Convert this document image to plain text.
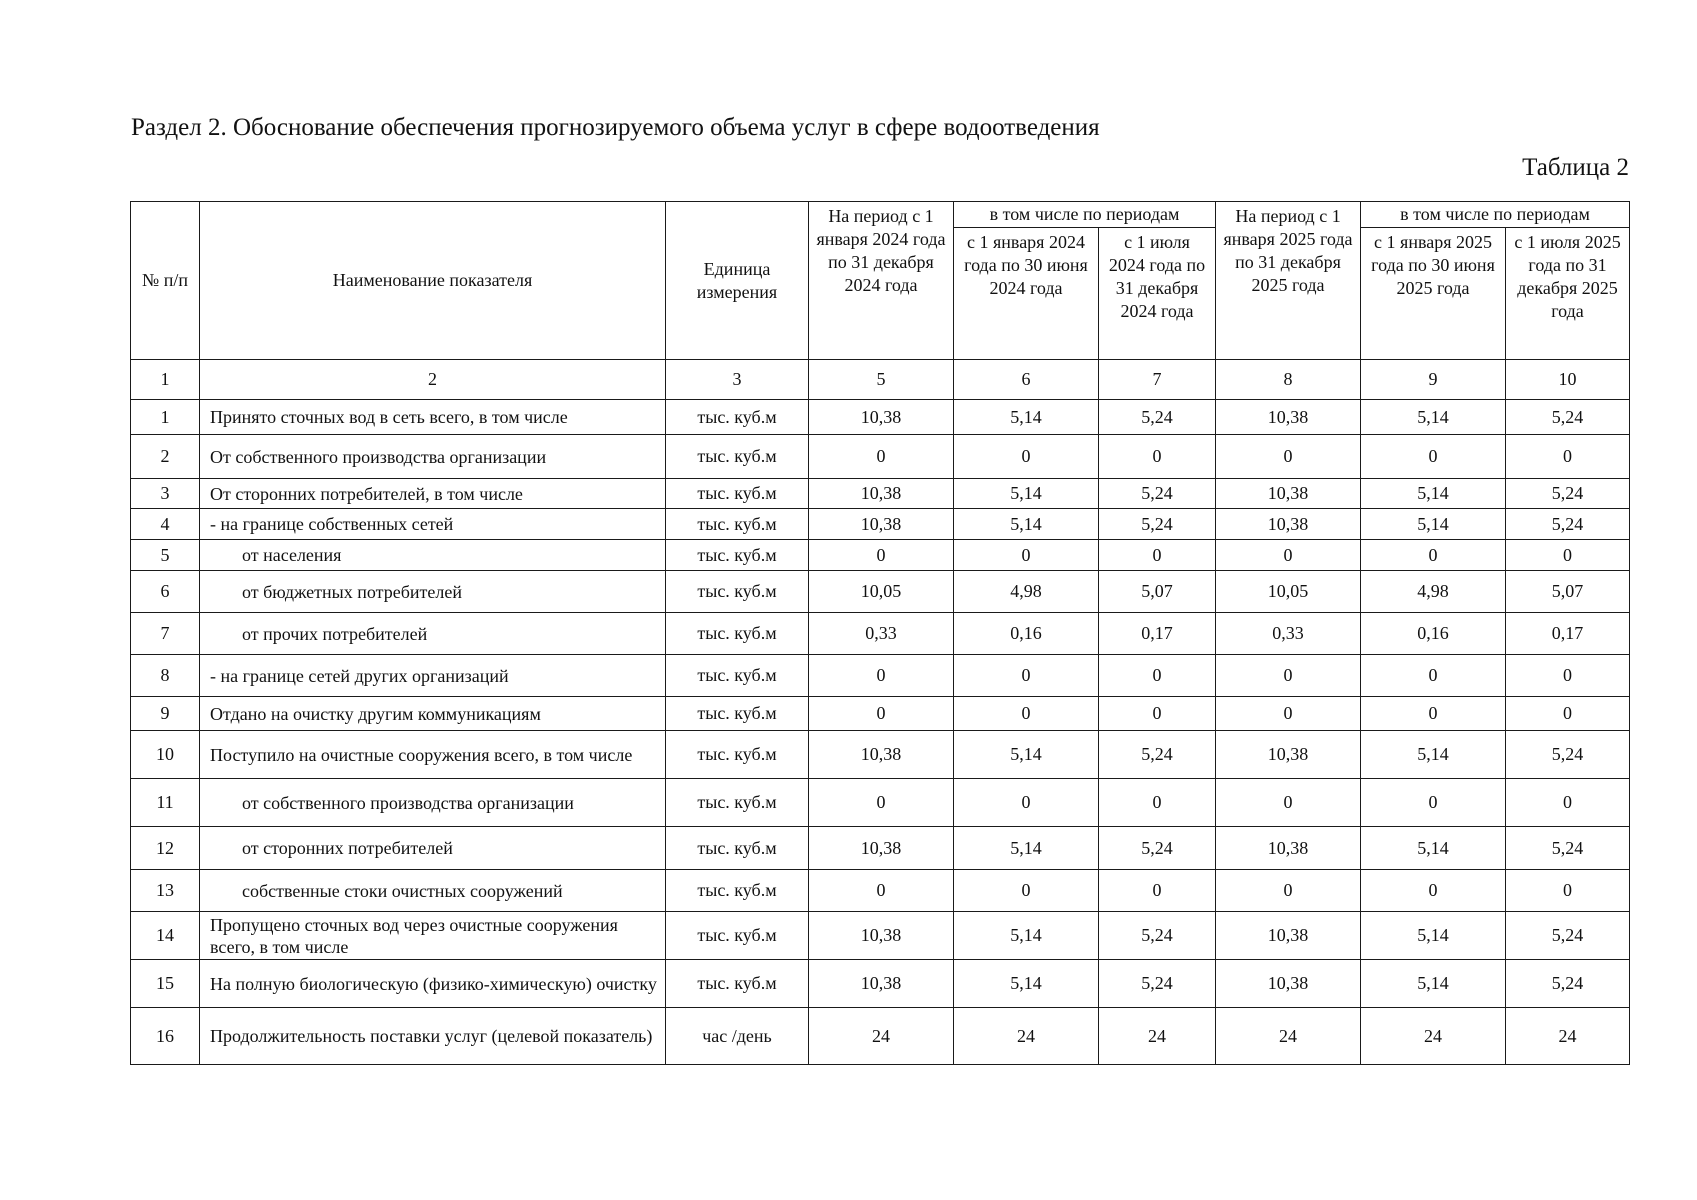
Раздел 2. Обоснование обеспечения прогнозируемого объема услуг в сфере водоотведения
Таблица 2
№ п/п	Наименование показателя	Единица измерения	На период с 1 января 2024 года по 31 декабря 2024 года	в том числе по периодам		На период с 1 января 2025 года по 31 декабря 2025 года	в том числе по периодам	
				с 1 января 2024 года по 30 июня 2024 года	с 1 июля 2024 года по 31 декабря 2024 года		с 1 января 2025 года по 30 июня 2025 года	с 1 июля 2025 года по 31 декабря 2025 года
1	2	3	5	6	7	8	9	10
1	Принято сточных вод в сеть всего, в том числе	тыс. куб.м	10,38	5,14	5,24	10,38	5,14	5,24
2	От собственного производства организации	тыс. куб.м	0	0	0	0	0	0
3	От сторонних потребителей, в том числе	тыс. куб.м	10,38	5,14	5,24	10,38	5,14	5,24
4	- на границе собственных сетей	тыс. куб.м	10,38	5,14	5,24	10,38	5,14	5,24
5	от населения	тыс. куб.м	0	0	0	0	0	0
6	от бюджетных потребителей	тыс. куб.м	10,05	4,98	5,07	10,05	4,98	5,07
7	от прочих потребителей	тыс. куб.м	0,33	0,16	0,17	0,33	0,16	0,17
8	- на границе сетей других организаций	тыс. куб.м	0	0	0	0	0	0
9	Отдано на очистку другим коммуникациям	тыс. куб.м	0	0	0	0	0	0
10	Поступило на очистные сооружения всего, в том числе	тыс. куб.м	10,38	5,14	5,24	10,38	5,14	5,24
11	от собственного производства организации	тыс. куб.м	0	0	0	0	0	0
12	от сторонних потребителей	тыс. куб.м	10,38	5,14	5,24	10,38	5,14	5,24
13	собственные стоки очистных сооружений	тыс. куб.м	0	0	0	0	0	0
14	Пропущено сточных вод через очистные сооружения всего, в том числе	тыс. куб.м	10,38	5,14	5,24	10,38	5,14	5,24
15	На полную биологическую (физико-химическую) очистку	тыс. куб.м	10,38	5,14	5,24	10,38	5,14	5,24
16	Продолжительность поставки услуг (целевой показатель)	час /день	24	24	24	24	24	24
